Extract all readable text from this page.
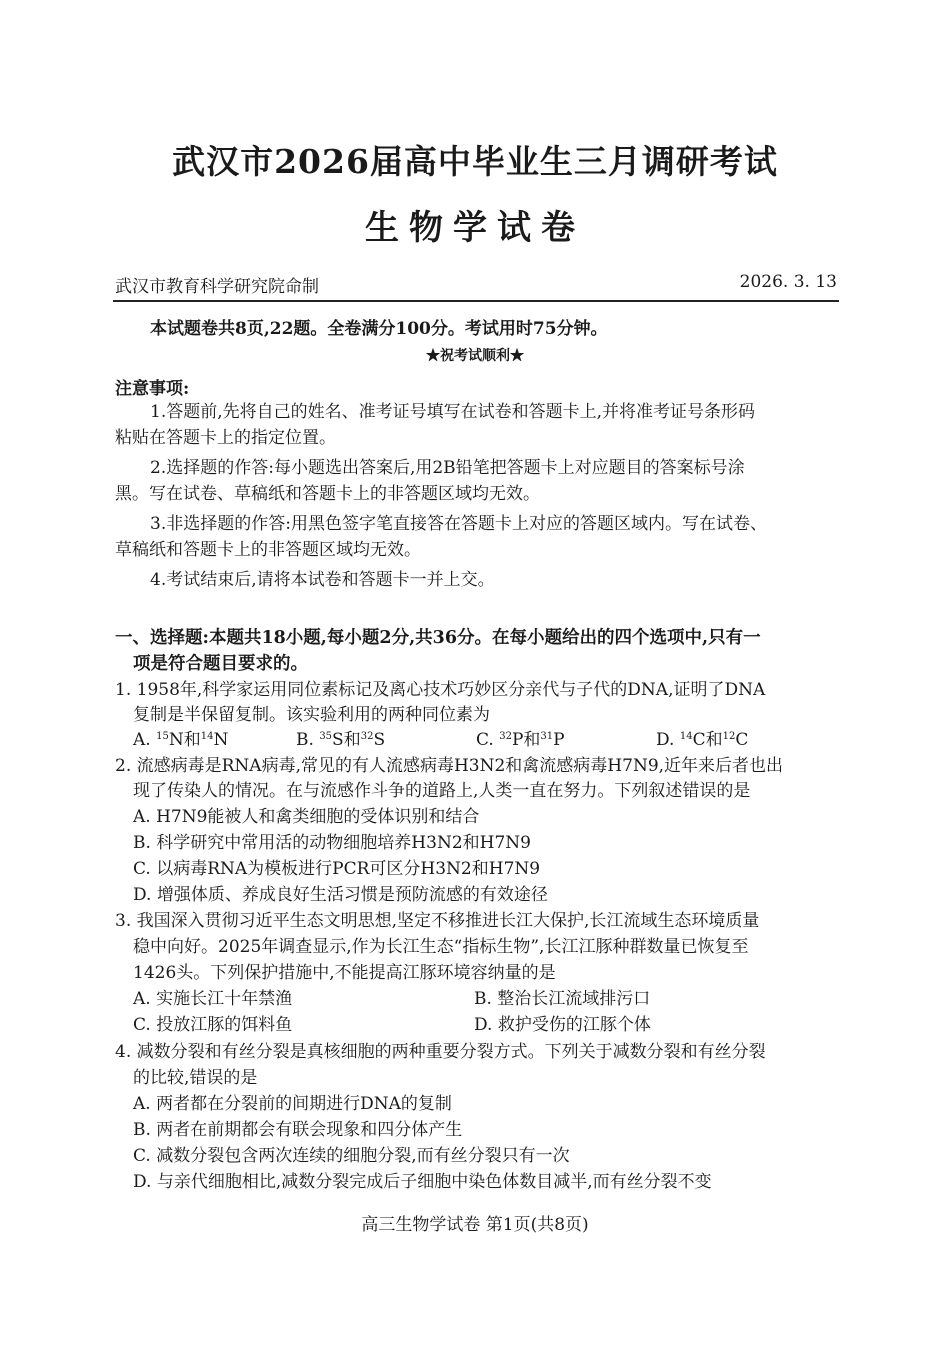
武汉市2026届高中毕业生三月调研考试
生物学试卷
武汉市教育科学研究院命制	2026. 3. 13
本试题卷共8页,22题。全卷满分100分。考试用时75分钟。
★祝考试顺利★
注意事项:
1.答题前,先将自己的姓名、准考证号填写在试卷和答题卡上,并将准考证号条形码
粘贴在答题卡上的指定位置。
2.选择题的作答:每小题选出答案后,用2B铅笔把答题卡上对应题目的答案标号涂
黑。写在试卷、草稿纸和答题卡上的非答题区域均无效。
3.非选择题的作答:用黑色签字笔直接答在答题卡上对应的答题区域内。写在试卷、
草稿纸和答题卡上的非答题区域均无效。
4.考试结束后,请将本试卷和答题卡一并上交。
一、选择题:本题共18小题,每小题2分,共36分。在每小题给出的四个选项中,只有一
项是符合题目要求的。
1. 1958年,科学家运用同位素标记及离心技术巧妙区分亲代与子代的DNA,证明了DNA
复制是半保留复制。该实验利用的两种同位素为
A. $^{15}$N和$^{14}$N	B. $^{35}$S和$^{32}$S	C. $^{32}$P和$^{31}$P	D. $^{14}$C和$^{12}$C
2. 流感病毒是RNA病毒,常见的有人流感病毒H3N2和禽流感病毒H7N9,近年来后者也出
现了传染人的情况。在与流感作斗争的道路上,人类一直在努力。下列叙述错误的是
A. H7N9能被人和禽类细胞的受体识别和结合
B. 科学研究中常用活的动物细胞培养H3N2和H7N9
C. 以病毒RNA为模板进行PCR可区分H3N2和H7N9
D. 增强体质、养成良好生活习惯是预防流感的有效途径
3. 我国深入贯彻习近平生态文明思想,坚定不移推进长江大保护,长江流域生态环境质量
稳中向好。2025年调查显示,作为长江生态“指标生物”,长江江豚种群数量已恢复至
1426头。下列保护措施中,不能提高江豚环境容纳量的是
A. 实施长江十年禁渔	B. 整治长江流域排污口
C. 投放江豚的饵料鱼	D. 救护受伤的江豚个体
4. 减数分裂和有丝分裂是真核细胞的两种重要分裂方式。下列关于减数分裂和有丝分裂
的比较,错误的是
A. 两者都在分裂前的间期进行DNA的复制
B. 两者在前期都会有联会现象和四分体产生
C. 减数分裂包含两次连续的细胞分裂,而有丝分裂只有一次
D. 与亲代细胞相比,减数分裂完成后子细胞中染色体数目减半,而有丝分裂不变
高三生物学试卷 第1页(共8页)
